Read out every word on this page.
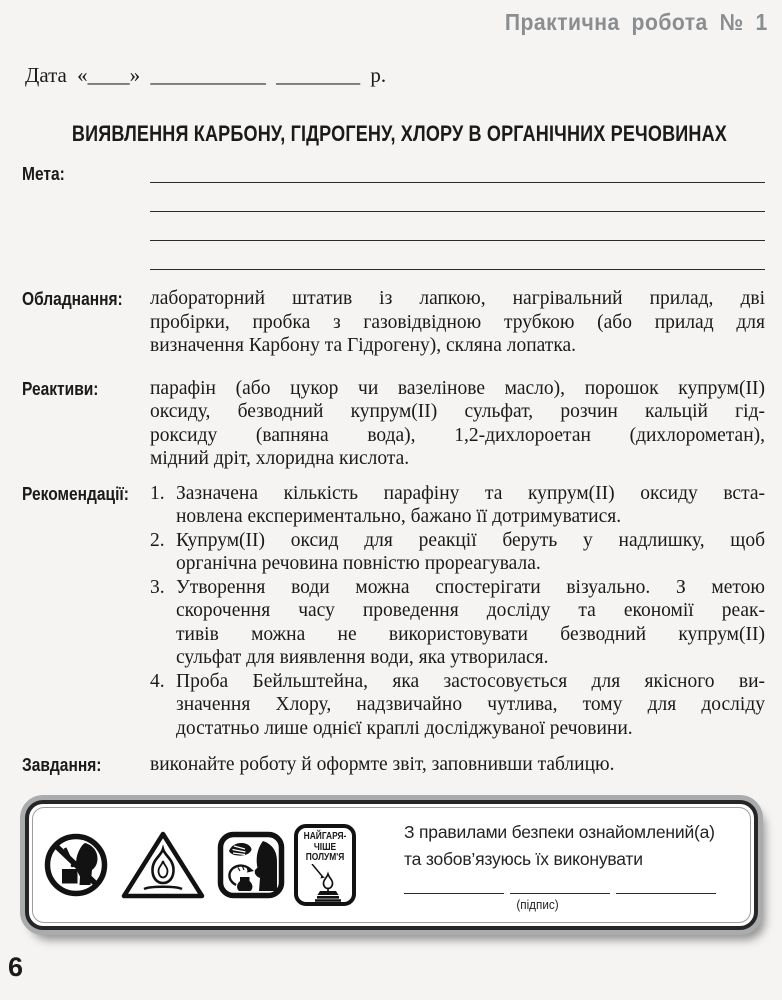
Практична робота № 1
Дата «____» ___________ ________ р.
ВИЯВЛЕННЯ КАРБОНУ, ГІДРОГЕНУ, ХЛОРУ В ОРГАНІЧНИХ РЕЧОВИНАХ
Мета:
Обладнання:	лабораторний штатив із лапкою, нагрівальний прилад, дві
пробірки, пробка з газовідвідною трубкою (або прилад для
визначення Карбону та Гідрогену), скляна лопатка.
Реактиви:	парафін (або цукор чи вазелінове масло), порошок купрум(II)
оксиду, безводний купрум(II) сульфат, розчин кальцій гід-
роксиду (вапняна вода), 1,2-дихлороетан (дихлорометан),
мідний дріт, хлоридна кислота.
Рекомендації: 1. Зазначена кількість парафіну та купрум(II) оксиду вста-
новлена експериментально, бажано її дотримуватися.
2. Купрум(II) оксид для реакції беруть у надлишку, щоб
органічна речовина повністю прореагувала.
3. Утворення води можна спостерігати візуально. З метою
скорочення часу проведення досліду та економії реак-
тивів можна не використовувати безводний купрум(II)
сульфат для виявлення води, яка утворилася.
4. Проба Бейльштейна, яка застосовується для якісного ви-
значення Хлору, надзвичайно чутлива, тому для досліду
достатньо лише однієї краплі досліджуваної речовини.
Завдання:	виконайте роботу й оформте звіт, заповнивши таблицю.
НАЙГАРЯ-
ЧІШЕ
ПОЛУМ'Я
З правилами безпеки ознайомлений(а)
та зобов’язуюсь їх виконувати
(підпис)
6
